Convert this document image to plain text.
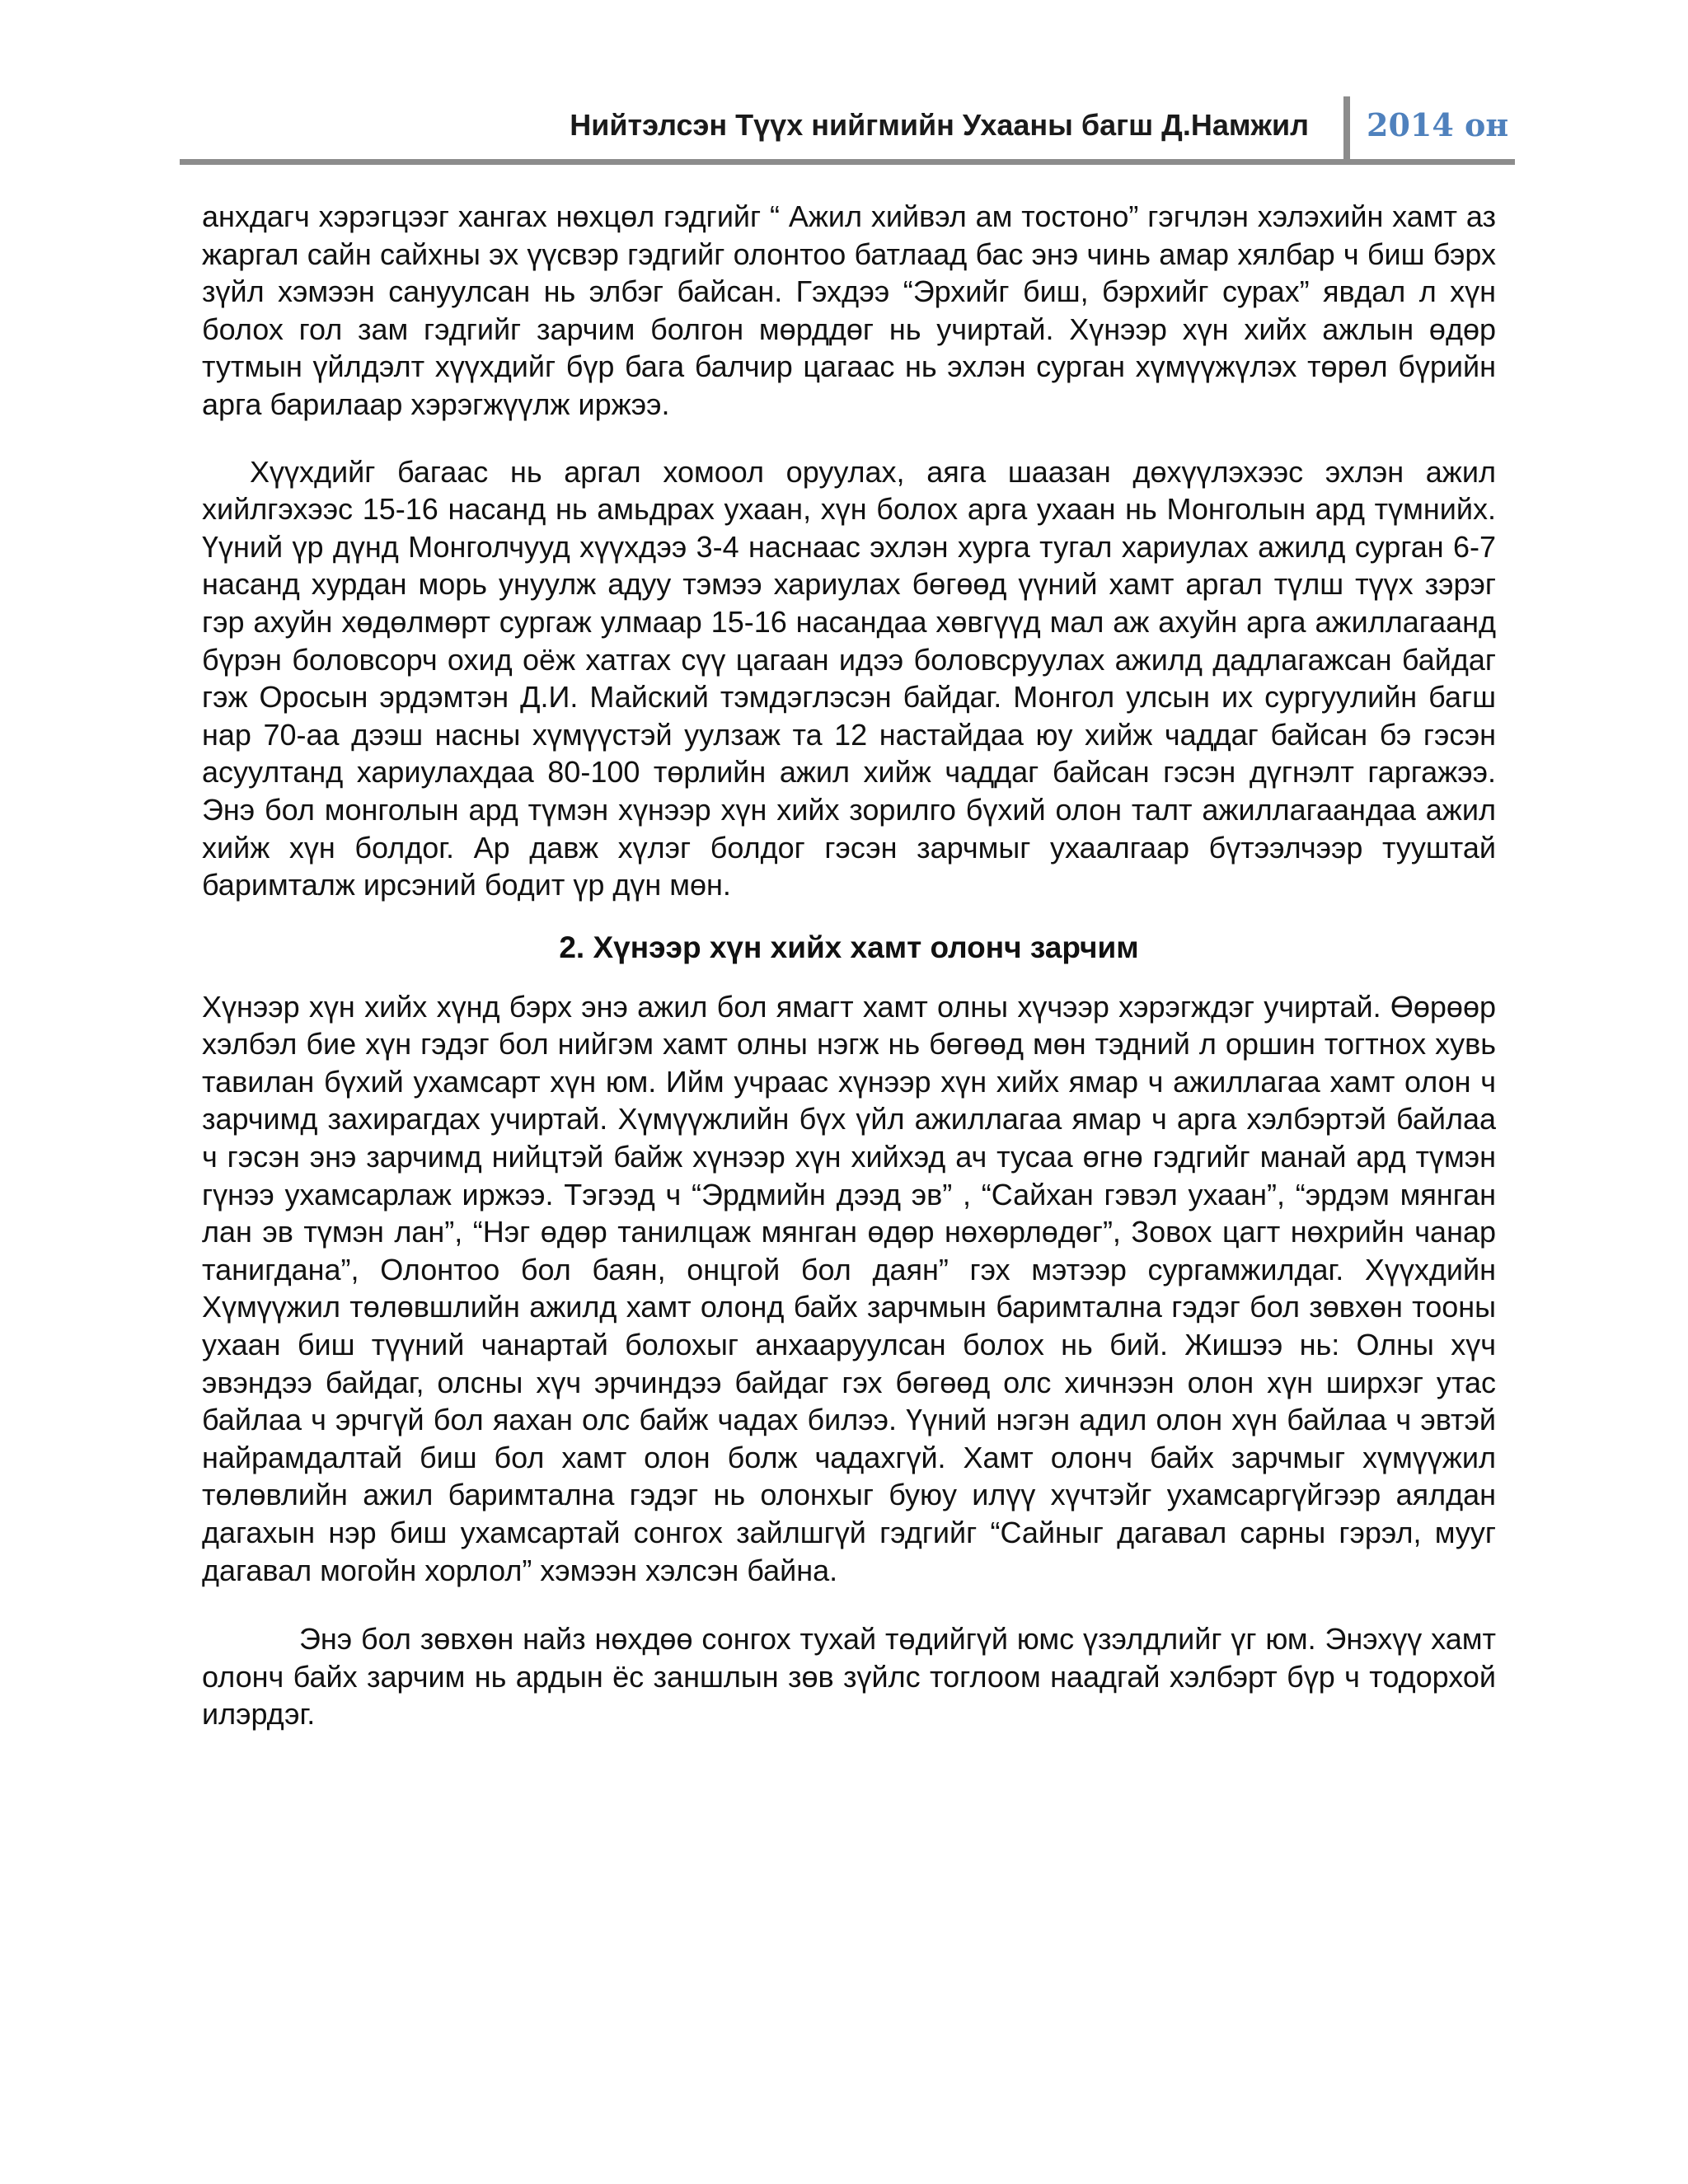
Нийтэлсэн Түүх нийгмийн Ухааны багш Д.Намжил 2014 он

анхдагч хэрэгцээг хангах нөхцөл гэдгийг “ Ажил хийвэл ам тостоно” гэгчлэн хэлэхийн хамт аз жаргал сайн сайхны эх үүсвэр гэдгийг олонтоо батлаад бас энэ чинь амар хялбар ч биш бэрх зүйл хэмээн сануулсан нь элбэг байсан. Гэхдээ “Эрхийг биш, бэрхийг сурах” явдал л хүн болох гол зам гэдгийг зарчим болгон мөрддөг нь учиртай. Хүнээр хүн хийх ажлын өдөр тутмын үйлдэлт хүүхдийг бүр бага балчир цагаас нь эхлэн сурган хүмүүжүлэх төрөл бүрийн арга барилаар хэрэгжүүлж иржээ.

Хүүхдийг багаас нь аргал хомоол оруулах, аяга шаазан дөхүүлэхээс эхлэн ажил хийлгэхээс 15-16 насанд нь амьдрах ухаан, хүн болох арга ухаан нь Монголын ард түмнийх. Үүний үр дүнд Монголчууд хүүхдээ 3-4 наснаас эхлэн хурга тугал хариулах ажилд сурган 6-7 насанд хурдан морь унуулж адуу тэмээ хариулах бөгөөд үүний хамт аргал түлш түүх зэрэг гэр ахуйн хөдөлмөрт сургаж улмаар 15-16 насандаа хөвгүүд мал аж ахуйн арга ажиллагаанд бүрэн боловсорч охид оёж хатгах сүү цагаан идээ боловсруулах ажилд дадлагажсан байдаг гэж Оросын эрдэмтэн Д.И. Майский тэмдэглэсэн байдаг. Монгол улсын их сургуулийн багш нар 70-аа дээш насны хүмүүстэй уулзаж та 12 настайдаа юу хийж чаддаг байсан бэ гэсэн асуултанд хариулахдаа 80-100 төрлийн ажил хийж чаддаг байсан гэсэн дүгнэлт гаргажээ. Энэ бол монголын ард түмэн хүнээр хүн хийх зорилго бүхий олон талт ажиллагаандаа ажил хийж хүн болдог. Ар давж хүлэг болдог гэсэн зарчмыг ухаалгаар бүтээлчээр тууштай баримталж ирсэний бодит үр дүн мөн.

2. Хүнээр хүн хийх хамт олонч зарчим

Хүнээр хүн хийх хүнд бэрх энэ ажил бол ямагт хамт олны хүчээр хэрэгждэг учиртай. Өөрөөр хэлбэл бие хүн гэдэг бол нийгэм хамт олны нэгж нь бөгөөд мөн тэдний л оршин тогтнох хувь тавилан бүхий ухамсарт хүн юм. Ийм учраас хүнээр хүн хийх ямар ч ажиллагаа хамт олон ч зарчимд захирагдах учиртай. Хүмүүжлийн бүх үйл ажиллагаа ямар ч арга хэлбэртэй байлаа ч гэсэн энэ зарчимд нийцтэй байж хүнээр хүн хийхэд ач тусаа өгнө гэдгийг манай ард түмэн гүнээ ухамсарлаж иржээ. Тэгээд ч “Эрдмийн дээд эв” , “Сайхан гэвэл ухаан”, “эрдэм мянган лан эв түмэн лан”, “Нэг өдөр танилцаж мянган өдөр нөхөрлөдөг”, Зовох цагт нөхрийн чанар танигдана”, Олонтоо бол баян, онцгой бол даян” гэх мэтээр сургамжилдаг. Хүүхдийн Хүмүүжил төлөвшлийн ажилд хамт олонд байх зарчмын баримтална гэдэг бол зөвхөн тооны ухаан биш түүний чанартай болохыг анхааруулсан болох нь бий. Жишээ нь: Олны хүч эвэндээ байдаг, олсны хүч эрчиндээ байдаг гэх бөгөөд олс хичнээн олон хүн ширхэг утас байлаа ч эрчгүй бол яахан олс байж чадах билээ. Үүний нэгэн адил олон хүн байлаа ч эвтэй найрамдалтай биш бол хамт олон болж чадахгүй. Хамт олонч байх зарчмыг хүмүүжил төлөвлийн ажил баримтална гэдэг нь олонхыг буюу илүү хүчтэйг ухамсаргүйгээр аялдан дагахын нэр биш ухамсартай сонгох зайлшгүй гэдгийг “Сайныг дагавал сарны гэрэл, мууг дагавал могойн хорлол” хэмээн хэлсэн байна.

Энэ бол зөвхөн найз нөхдөө сонгох тухай төдийгүй юмс үзэлдлийг үг юм. Энэхүү хамт олонч байх зарчим нь ардын ёс заншлын зөв зүйлс тоглоом наадгай хэлбэрт бүр ч тодорхой илэрдэг.
